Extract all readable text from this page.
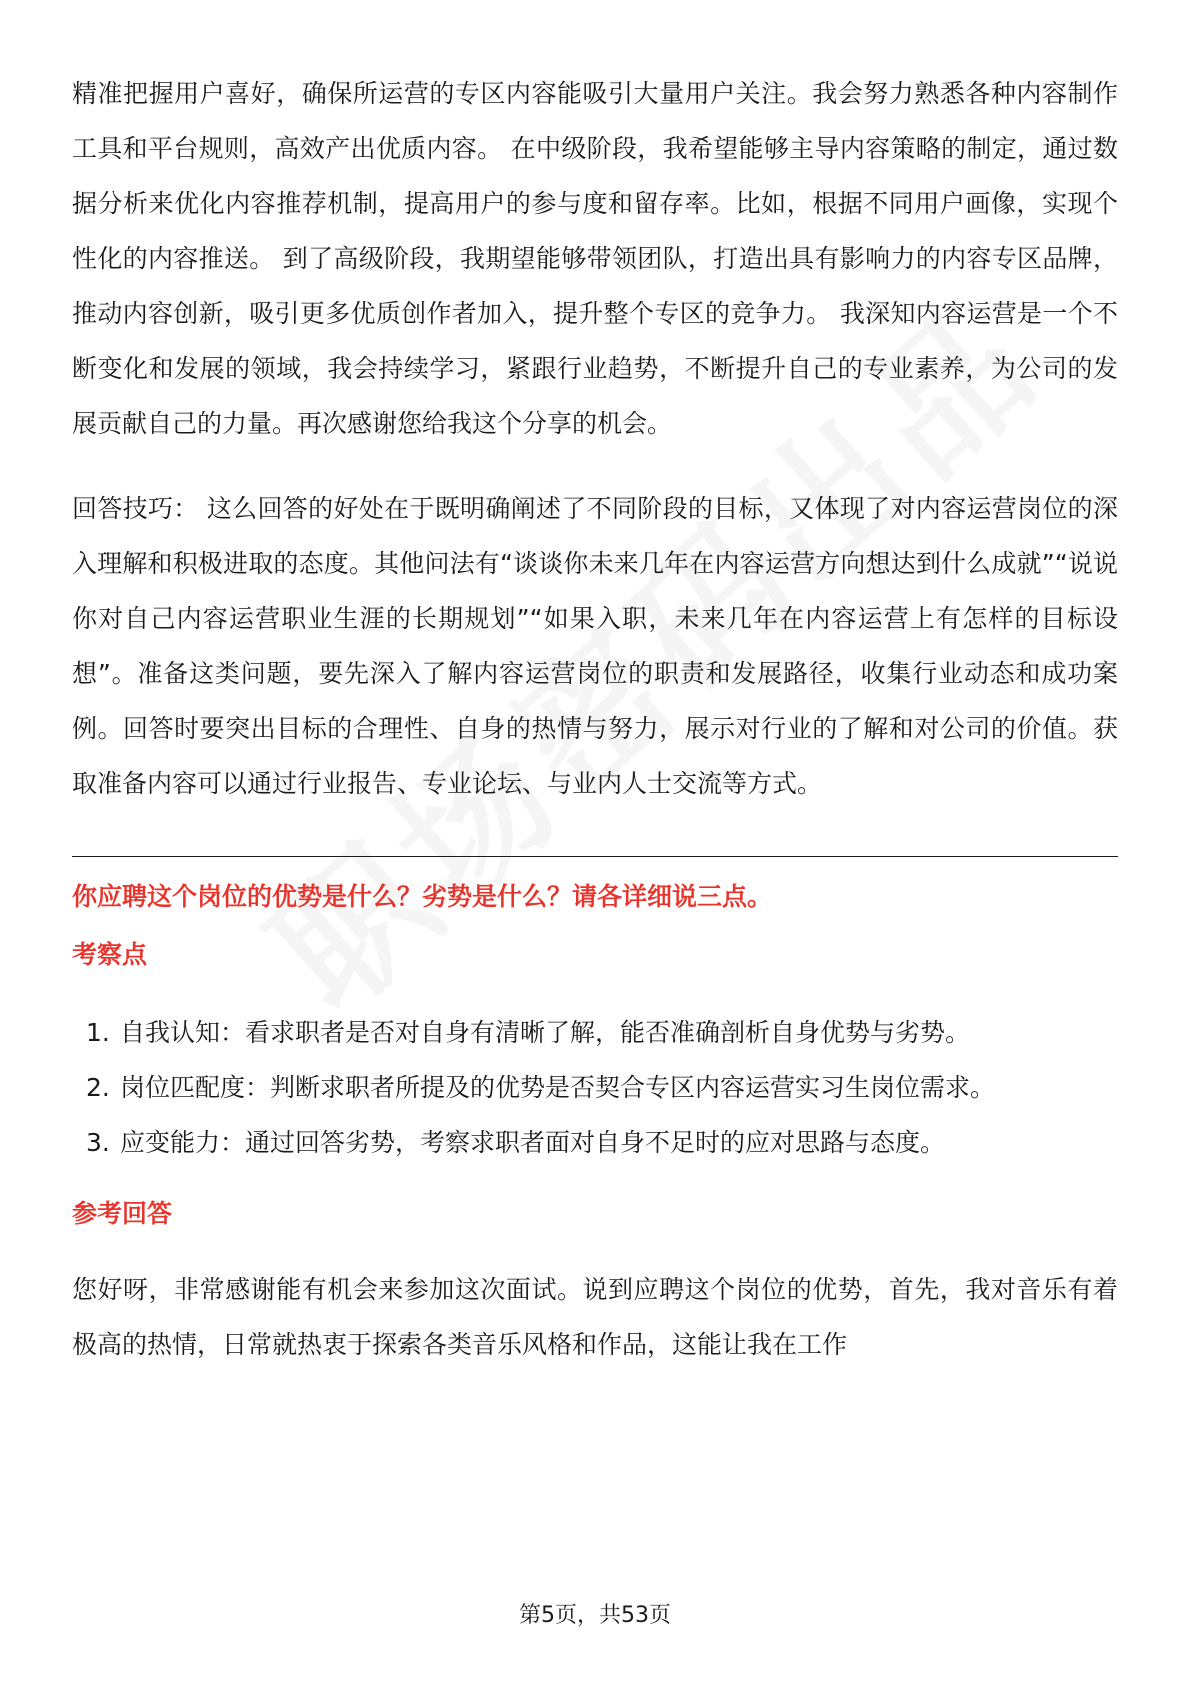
精准把握用户喜好，确保所运营的专区内容能吸引大量用户关注。我会努力熟悉各种内容制作工具和平台规则，高效产出优质内容。 在中级阶段，我希望能够主导内容策略的制定，通过数据分析来优化内容推荐机制，提高用户的参与度和留存率。比如，根据不同用户画像，实现个性化的内容推送。 到了高级阶段，我期望能够带领团队，打造出具有影响力的内容专区品牌，推动内容创新，吸引更多优质创作者加入，提升整个专区的竞争力。 我深知内容运营是一个不断变化和发展的领域，我会持续学习，紧跟行业趋势，不断提升自己的专业素养，为公司的发展贡献自己的力量。再次感谢您给我这个分享的机会。

回答技巧： 这么回答的好处在于既明确阐述了不同阶段的目标，又体现了对内容运营岗位的深入理解和积极进取的态度。其他问法有“谈谈你未来几年在内容运营方向想达到什么成就”“说说你对自己内容运营职业生涯的长期规划”“如果入职，未来几年在内容运营上有怎样的目标设想”。准备这类问题，要先深入了解内容运营岗位的职责和发展路径，收集行业动态和成功案例。回答时要突出目标的合理性、自身的热情与努力，展示对行业的了解和对公司的价值。获取准备内容可以通过行业报告、专业论坛、与业内人士交流等方式。

你应聘这个岗位的优势是什么？劣势是什么？请各详细说三点。

考察点

1. 自我认知：看求职者是否对自身有清晰了解，能否准确剖析自身优势与劣势。
2. 岗位匹配度：判断求职者所提及的优势是否契合专区内容运营实习生岗位需求。
3. 应变能力：通过回答劣势，考察求职者面对自身不足时的应对思路与态度。

参考回答

您好呀，非常感谢能有机会来参加这次面试。说到应聘这个岗位的优势，首先，我对音乐有着极高的热情，日常就热衷于探索各类音乐风格和作品，这能让我在工作

第5页，共53页
